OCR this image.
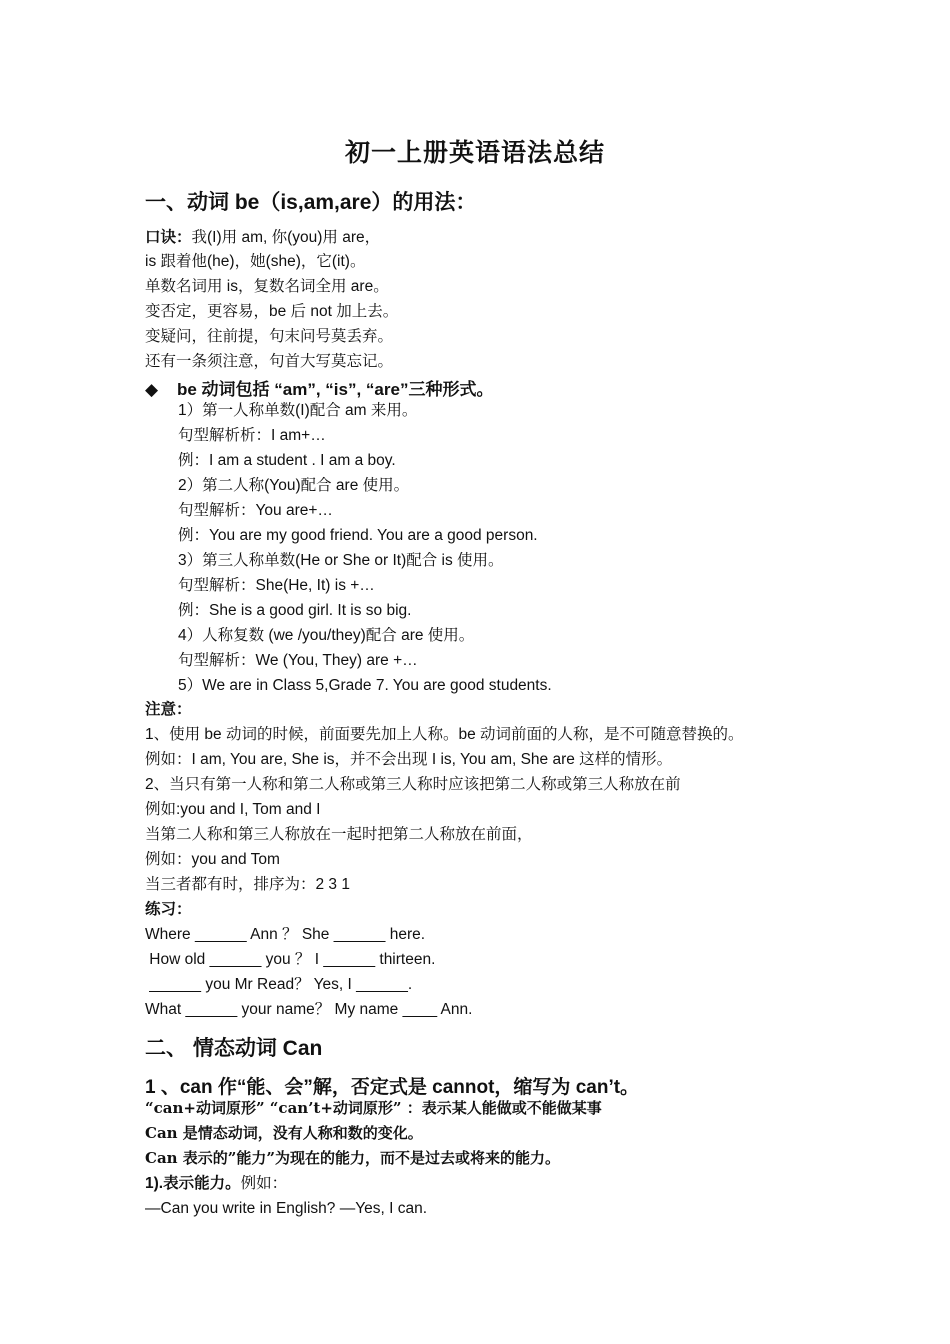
初一上册英语语法总结
一、动词 be（is,am,are）的用法：
口诀：我(I)用 am, 你(you)用 are，
is 跟着他(he)，她(she)，它(it)。
单数名词用 is，复数名词全用 are。
变否定，更容易，be 后 not 加上去。
变疑问，往前提，句末问号莫丢弃。
还有一条须注意，句首大写莫忘记。
◆ be 动词包括 “am”, “is”, “are”三种形式。
1）第一人称单数(I)配合 am 来用。
句型解析析：I am+…
例：I am a student . I am a boy.
2）第二人称(You)配合 are 使用。
句型解析：You are+…
例：You are my good friend. You are a good person.
3）第三人称单数(He or She or It)配合 is 使用。
句型解析：She(He, It) is +…
例：She is a good girl. It is so big.
4）人称复数 (we /you/they)配合 are 使用。
句型解析：We (You, They) are +…
5）We are in Class 5,Grade 7. You are good students.
注意：
1、使用 be 动词的时候，前面要先加上人称。be 动词前面的人称，是不可随意替换的。
例如：I am, You are, She is，并不会出现 I is, You am, She are 这样的情形。
2、当只有第一人称和第二人称或第三人称时应该把第二人称或第三人称放在前
例如:you and I, Tom and I
当第二人称和第三人称放在一起时把第二人称放在前面，
例如：you and Tom
当三者都有时，排序为：2 3 1
练习：
Where ______ Ann ？ She ______ here.
How old ______ you ？ I ______ thirteen.
______ you Mr Read？ Yes, I ______.
What ______ your name？ My name ____ Ann.
二、 情态动词 Can
1 、can 作“能、会”解，否定式是 cannot，缩写为 can’t。
“can+动词原形” “can’t+动词原形” ：表示某人能做或不能做某事
Can 是情态动词，没有人称和数的变化。
Can 表示的”能力”为现在的能力，而不是过去或将来的能力。
1).表示能力。例如：
—Can you write in English? —Yes, I can.
